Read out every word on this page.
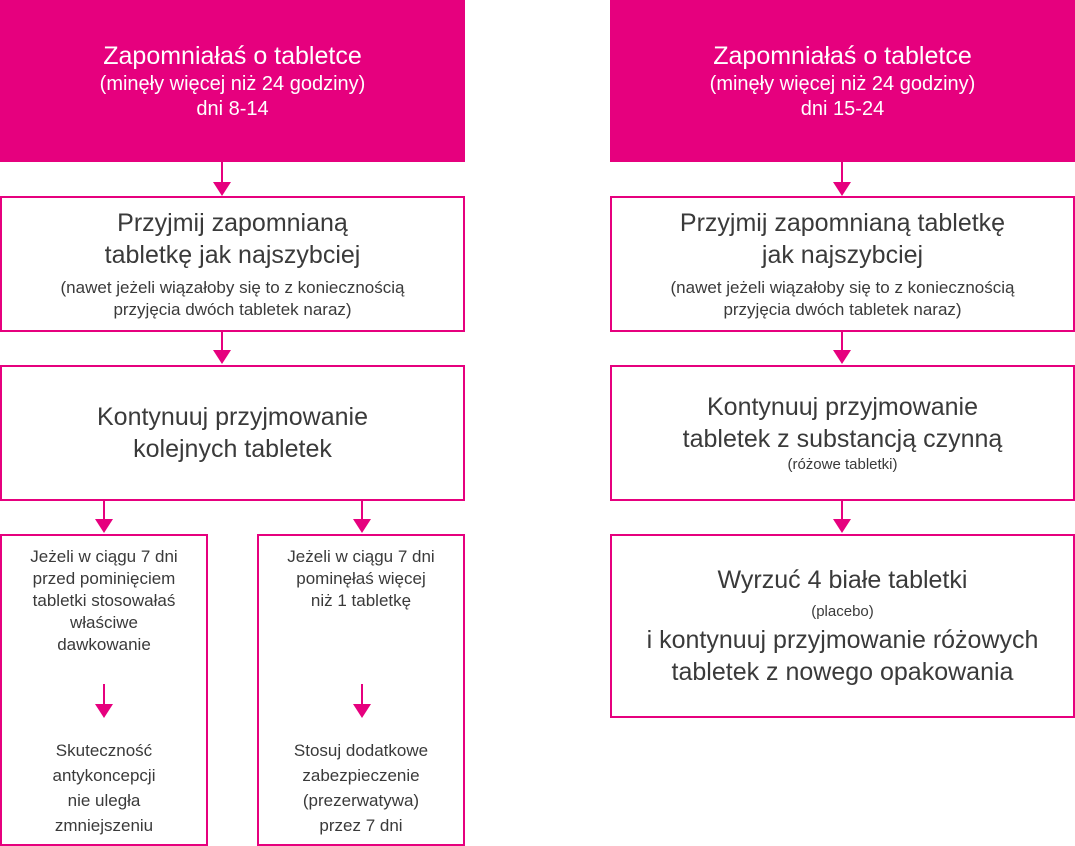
Zapomniałaś o tabletce
(minęły więcej niż 24 godziny)
dni 8-14
Przyjmij zapomnianą
tabletkę jak najszybciej
(nawet jeżeli wiązałoby się to z koniecznością
przyjęcia dwóch tabletek naraz)
Kontynuuj przyjmowanie
kolejnych tabletek
Jeżeli w ciągu 7 dni
przed pominięciem
tabletki stosowałaś
właściwe
dawkowanie
Skuteczność
antykoncepcji
nie uległa
zmniejszeniu
Jeżeli w ciągu 7 dni
pominęłaś więcej
niż 1 tabletkę
Stosuj dodatkowe
zabezpieczenie
(prezerwatywa)
przez 7 dni
Zapomniałaś o tabletce
(minęły więcej niż 24 godziny)
dni 15-24
Przyjmij zapomnianą tabletkę
jak najszybciej
(nawet jeżeli wiązałoby się to z koniecznością
przyjęcia dwóch tabletek naraz)
Kontynuuj przyjmowanie
tabletek z substancją czynną
(różowe tabletki)
Wyrzuć 4 białe tabletki
(placebo)
i kontynuuj przyjmowanie różowych
tabletek z nowego opakowania
